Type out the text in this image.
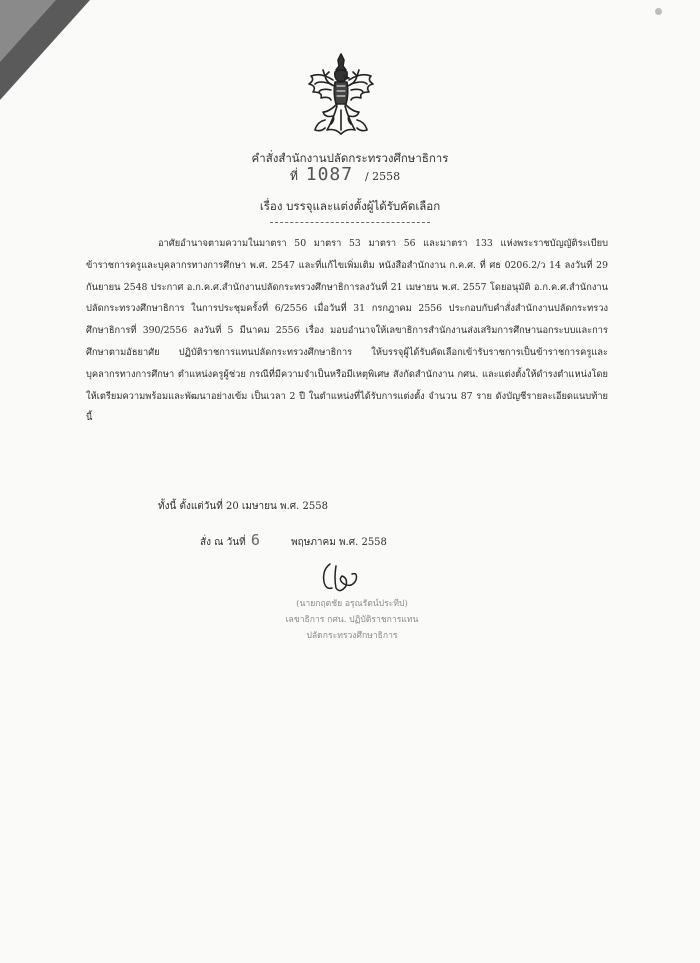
คำสั่งสำนักงานปลัดกระทรวงศึกษาธิการ
ที่ 1087 / 2558
เรื่อง บรรจุและแต่งตั้งผู้ได้รับคัดเลือก

อาศัยอำนาจตามความในมาตรา 50 มาตรา 53 มาตรา 56 และมาตรา 133 แห่งพระราชบัญญัติระเบียบข้าราชการครูและบุคลากรทางการศึกษา พ.ศ. 2547 และที่แก้ไขเพิ่มเติม หนังสือสำนักงาน ก.ค.ศ. ที่ ศธ 0206.2/ว 14 ลงวันที่ 29 กันยายน 2548 ประกาศ อ.ก.ค.ศ.สำนักงานปลัดกระทรวงศึกษาธิการลงวันที่ 21 เมษายน พ.ศ. 2557 โดยอนุมัติ อ.ก.ค.ศ.สำนักงานปลัดกระทรวงศึกษาธิการ ในการประชุมครั้งที่ 6/2556 เมื่อวันที่ 31 กรกฎาคม 2556 ประกอบกับคำสั่งสำนักงานปลัดกระทรวงศึกษาธิการที่ 390/2556 ลงวันที่ 5 มีนาคม 2556 เรื่อง มอบอำนาจให้เลขาธิการสำนักงานส่งเสริมการศึกษานอกระบบและการศึกษาตามอัธยาศัย ปฏิบัติราชการแทนปลัดกระทรวงศึกษาธิการ ให้บรรจุผู้ได้รับคัดเลือกเข้ารับราชการเป็นข้าราชการครูและบุคลากรทางการศึกษา ตำแหน่งครูผู้ช่วย กรณีที่มีความจำเป็นหรือมีเหตุพิเศษ สังกัดสำนักงาน กศน. และแต่งตั้งให้ดำรงตำแหน่งโดยให้เตรียมความพร้อมและพัฒนาอย่างเข้ม เป็นเวลา 2 ปี ในตำแหน่งที่ได้รับการแต่งตั้ง จำนวน 87 ราย ดังบัญชีรายละเอียดแนบท้ายนี้

ทั้งนี้ ตั้งแต่วันที่ 20 เมษายน พ.ศ. 2558
สั่ง ณ วันที่ 6	พฤษภาคม พ.ศ. 2558
(นายกฤตชัย อรุณรัตน์ประทีป)
เลขาธิการ กศน. ปฏิบัติราชการแทน
ปลัดกระทรวงศึกษาธิการ
